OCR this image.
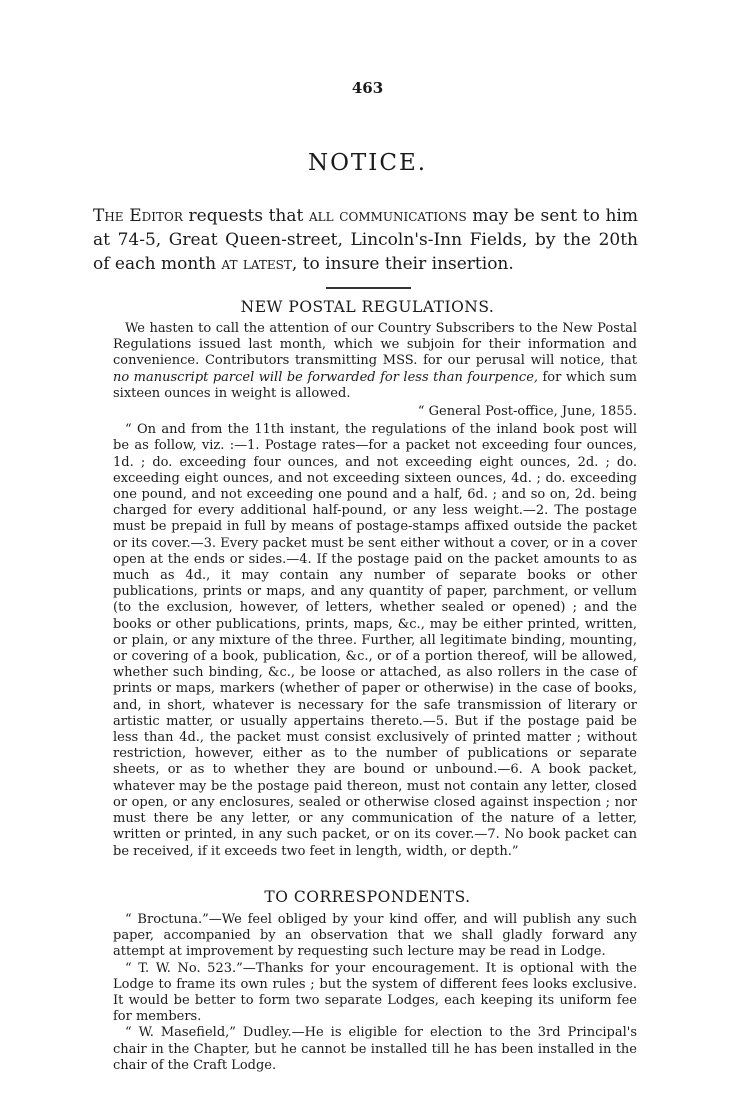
463
NOTICE.
The Editor requests that all communications may be sent to him at 74-5, Great Queen-street, Lincoln's-Inn Fields, by the 20th of each month at latest, to insure their insertion.
NEW POSTAL REGULATIONS.

We hasten to call the attention of our Country Subscribers to the New Postal Regulations issued last month, which we subjoin for their information and convenience. Contributors transmitting MSS. for our perusal will notice, that no manuscript parcel will be forwarded for less than fourpence, for which sum sixteen ounces in weight is allowed.

“ General Post-office, June, 1855.

“ On and from the 11th instant, the regulations of the inland book post will be as follow, viz. :—1. Postage rates—for a packet not exceeding four ounces, 1d. ; do. exceeding four ounces, and not exceeding eight ounces, 2d. ; do. exceeding eight ounces, and not exceeding sixteen ounces, 4d. ; do. exceeding one pound, and not exceeding one pound and a half, 6d. ; and so on, 2d. being charged for every additional half-pound, or any less weight.—2. The postage must be prepaid in full by means of postage-stamps affixed outside the packet or its cover.—3. Every packet must be sent either without a cover, or in a cover open at the ends or sides.—4. If the postage paid on the packet amounts to as much as 4d., it may contain any number of separate books or other publications, prints or maps, and any quantity of paper, parchment, or vellum (to the exclusion, however, of letters, whether sealed or opened) ; and the books or other publications, prints, maps, &c., may be either printed, written, or plain, or any mixture of the three. Further, all legitimate binding, mounting, or covering of a book, publication, &c., or of a portion thereof, will be allowed, whether such binding, &c., be loose or attached, as also rollers in the case of prints or maps, markers (whether of paper or otherwise) in the case of books, and, in short, whatever is necessary for the safe transmission of literary or artistic matter, or usually appertains thereto.—5. But if the postage paid be less than 4d., the packet must consist exclusively of printed matter ; without restriction, however, either as to the number of publications or separate sheets, or as to whether they are bound or unbound.—6. A book packet, whatever may be the postage paid thereon, must not contain any letter, closed or open, or any enclosures, sealed or otherwise closed against inspection ; nor must there be any letter, or any communication of the nature of a letter, written or printed, in any such packet, or on its cover.—7. No book packet can be received, if it exceeds two feet in length, width, or depth.”

TO CORRESPONDENTS.

“ Broctuna.”—We feel obliged by your kind offer, and will publish any such paper, accompanied by an observation that we shall gladly forward any attempt at improvement by requesting such lecture may be read in Lodge.

“ T. W. No. 523.”—Thanks for your encouragement. It is optional with the Lodge to frame its own rules ; but the system of different fees looks exclusive. It would be better to form two separate Lodges, each keeping its uniform fee for members.

“ W. Masefield,” Dudley.—He is eligible for election to the 3rd Principal's chair in the Chapter, but he cannot be installed till he has been installed in the chair of the Craft Lodge.
